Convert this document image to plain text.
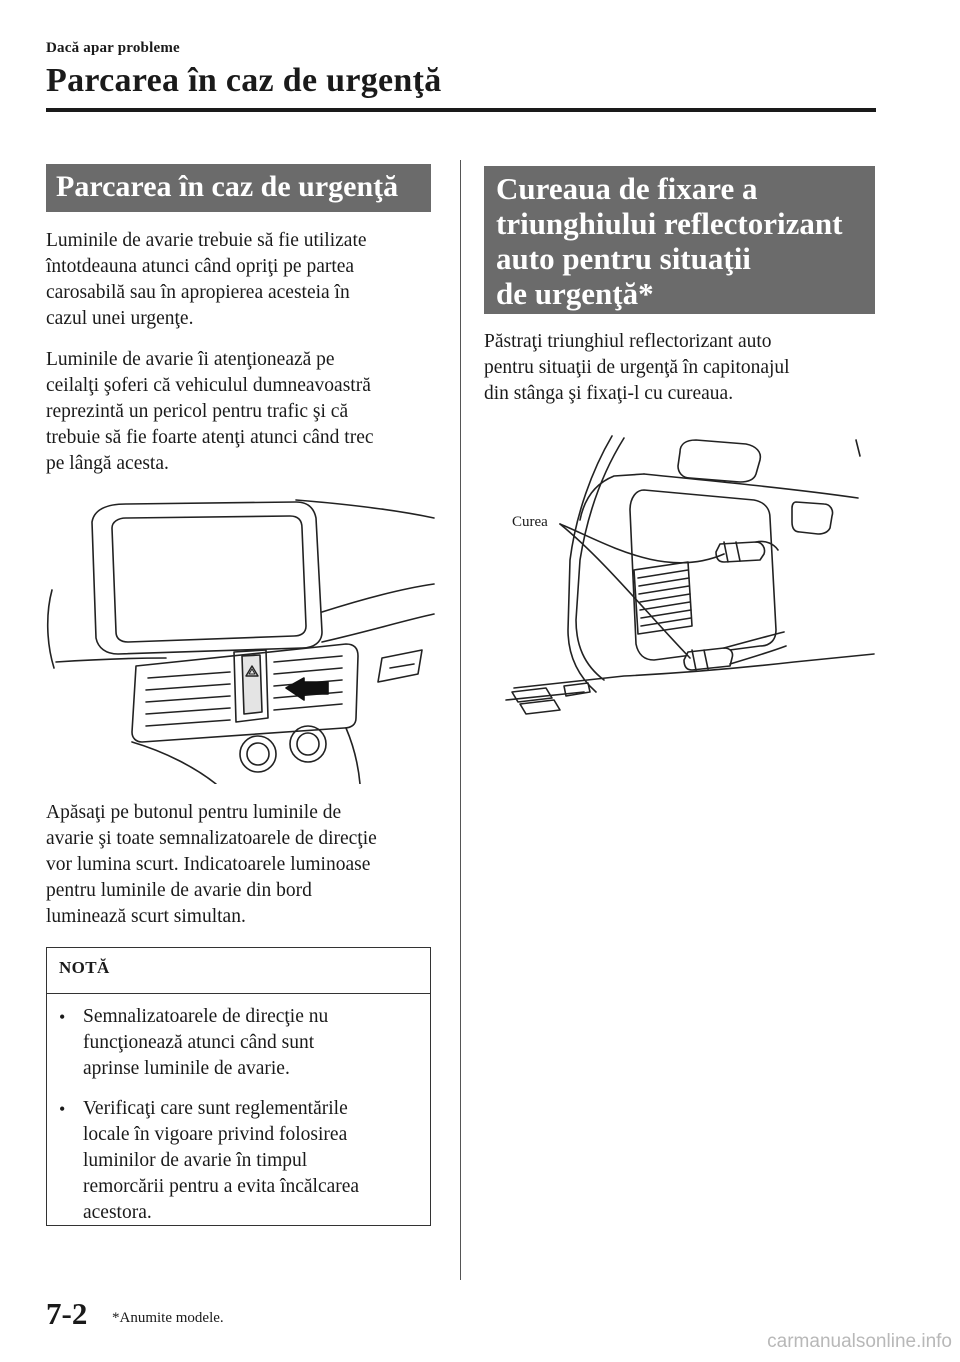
Dacă apar probleme
Parcarea în caz de urgenţă
Parcarea în caz de urgenţă
Luminile de avarie trebuie să fie utilizate
întotdeauna atunci când opriţi pe partea
carosabilă sau în apropierea acesteia în
cazul unei urgenţe.
Luminile de avarie îi atenţionează pe
ceilalţi şoferi că vehiculul dumneavoastră
reprezintă un pericol pentru trafic şi că
trebuie să fie foarte atenţi atunci când trec
pe lângă acesta.
Apăsaţi pe butonul pentru luminile de
avarie şi toate semnalizatoarele de direcţie
vor lumina scurt. Indicatoarele luminoase
pentru luminile de avarie din bord
luminează scurt simultan.
NOTĂ
• Semnalizatoarele de direcţie nu
funcţionează atunci când sunt
aprinse luminile de avarie.
• Verificaţi care sunt reglementările
locale în vigoare privind folosirea
luminilor de avarie în timpul
remorcării pentru a evita încălcarea
acestora.
Cureaua de fixare a
triunghiului reflectorizant
auto pentru situaţii
de urgenţă*
Păstraţi triunghiul reflectorizant auto
pentru situaţii de urgenţă în capitonajul
din stânga şi fixaţi-l cu cureaua.
Curea
7-2 *Anumite modele.
carmanualsonline.info
